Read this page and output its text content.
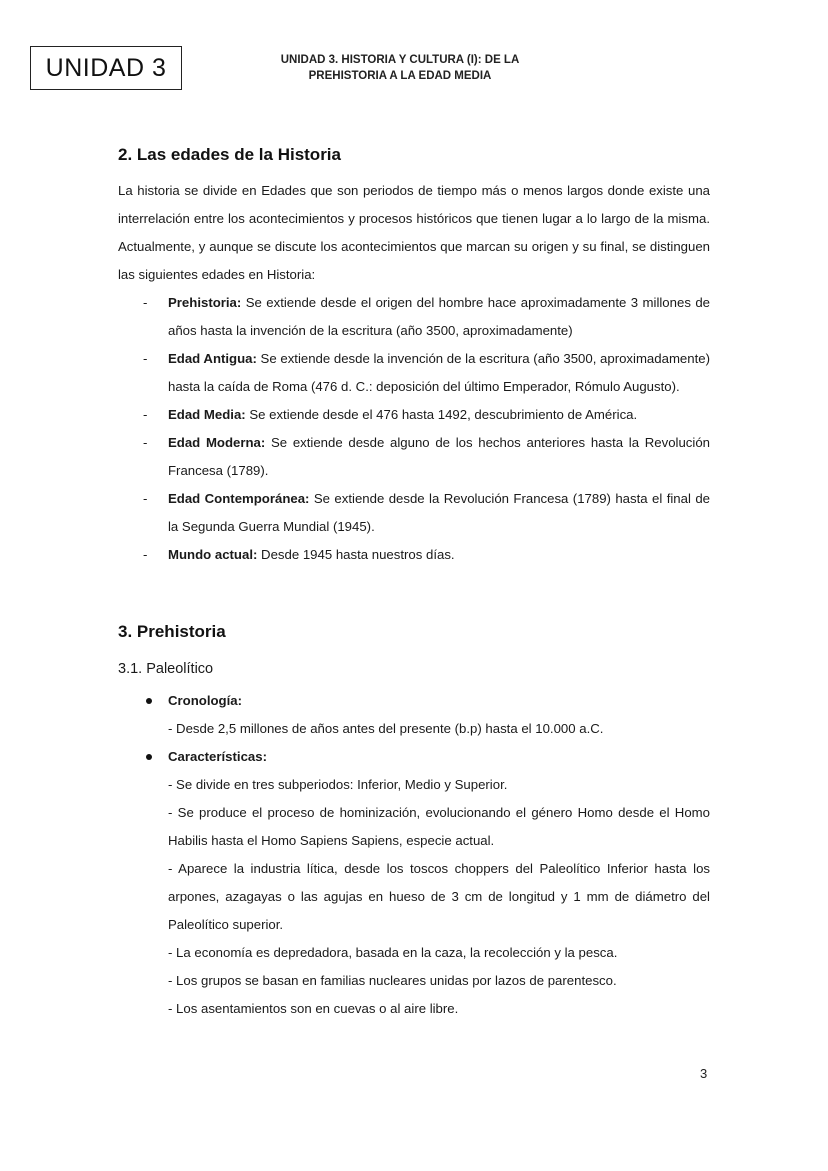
UNIDAD 3	UNIDAD 3. HISTORIA Y CULTURA (I): DE LA
PREHISTORIA A LA EDAD MEDIA
2. Las edades de la Historia
La historia se divide en Edades que son periodos de tiempo más o menos largos donde existe una interrelación entre los acontecimientos y procesos históricos que tienen lugar a lo largo de la misma. Actualmente, y aunque se discute los acontecimientos que marcan su origen y su final, se distinguen las siguientes edades en Historia:
- Prehistoria: Se extiende desde el origen del hombre hace aproximadamente 3 millones de años hasta la invención de la escritura (año 3500, aproximadamente)
- Edad Antigua: Se extiende desde la invención de la escritura (año 3500, aproximadamente) hasta la caída de Roma (476 d. C.: deposición del último Emperador, Rómulo Augusto).
- Edad Media: Se extiende desde el 476 hasta 1492, descubrimiento de América.
- Edad Moderna: Se extiende desde alguno de los hechos anteriores hasta la Revolución Francesa (1789).
- Edad Contemporánea: Se extiende desde la Revolución Francesa (1789) hasta el final de la Segunda Guerra Mundial (1945).
- Mundo actual: Desde 1945 hasta nuestros días.
3. Prehistoria
3.1. Paleolítico
Cronología:
- Desde 2,5 millones de años antes del presente (b.p) hasta el 10.000 a.C.
Características:
- Se divide en tres subperiodos: Inferior, Medio y Superior.
- Se produce el proceso de hominización, evolucionando el género Homo desde el Homo Habilis hasta el Homo Sapiens Sapiens, especie actual.
- Aparece la industria lítica, desde los toscos choppers del Paleolítico Inferior hasta los arpones, azagayas o las agujas en hueso de 3 cm de longitud y 1 mm de diámetro del Paleolítico superior.
- La economía es depredadora, basada en la caza, la recolección y la pesca.
- Los grupos se basan en familias nucleares unidas por lazos de parentesco.
- Los asentamientos son en cuevas o al aire libre.
3
